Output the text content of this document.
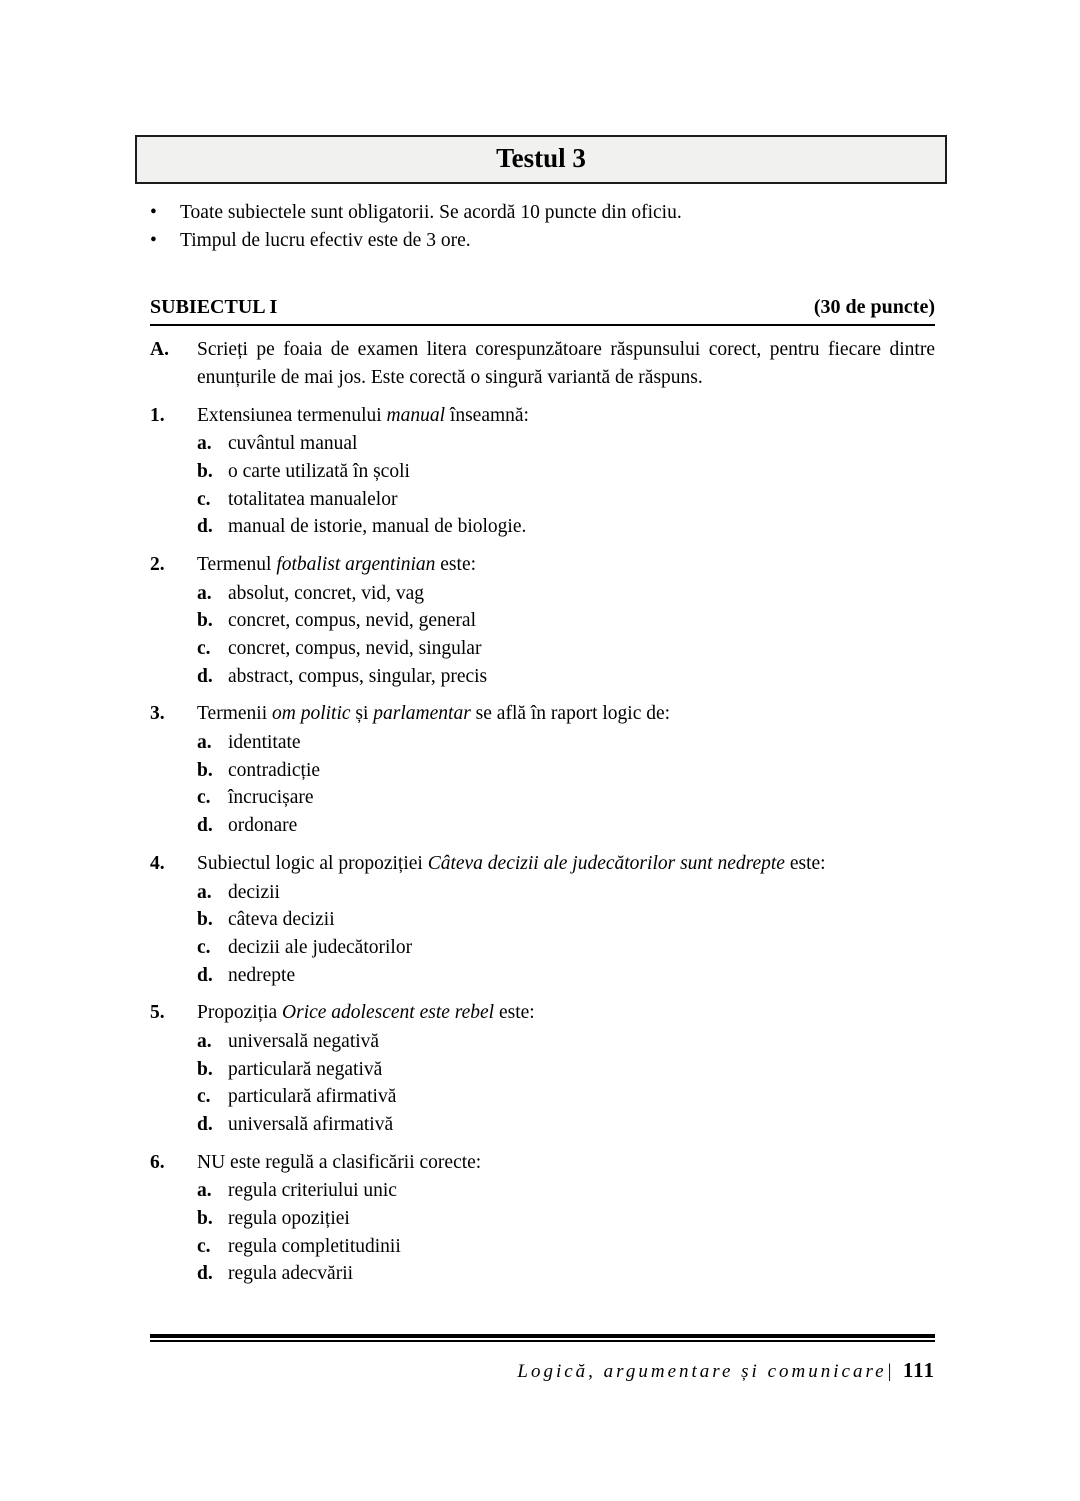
Testul 3
•	Toate subiectele sunt obligatorii. Se acordă 10 puncte din oficiu.
•	Timpul de lucru efectiv este de 3 ore.
SUBIECTUL I	(30 de puncte)
A.	Scrieți pe foaia de examen litera corespunzătoare răspunsului corect, pentru fiecare dintre enunțurile de mai jos. Este corectă o singură variantă de răspuns.

1.	Extensiunea termenului manual înseamnă:

a. cuvântul manual
b. o carte utilizată în școli
c. totalitatea manualelor
d. manual de istorie, manual de biologie.
2.	Termenul fotbalist argentinian este:

a. absolut, concret, vid, vag
b. concret, compus, nevid, general
c. concret, compus, nevid, singular
d. abstract, compus, singular, precis
3.	Termenii om politic și parlamentar se află în raport logic de:

a. identitate
b. contradicție
c. încrucișare
d. ordonare
4.	Subiectul logic al propoziției Câteva decizii ale judecătorilor sunt nedrepte este:

a. decizii
b. câteva decizii
c. decizii ale judecătorilor
d. nedrepte
5.	Propoziția Orice adolescent este rebel este:

a. universală negativă
b. particulară negativă
c. particulară afirmativă
d. universală afirmativă
6.	NU este regulă a clasificării corecte:

a. regula criteriului unic
b. regula opoziției
c. regula completitudinii
d. regula adecvării
Logică, argumentare și comunicare| 111
